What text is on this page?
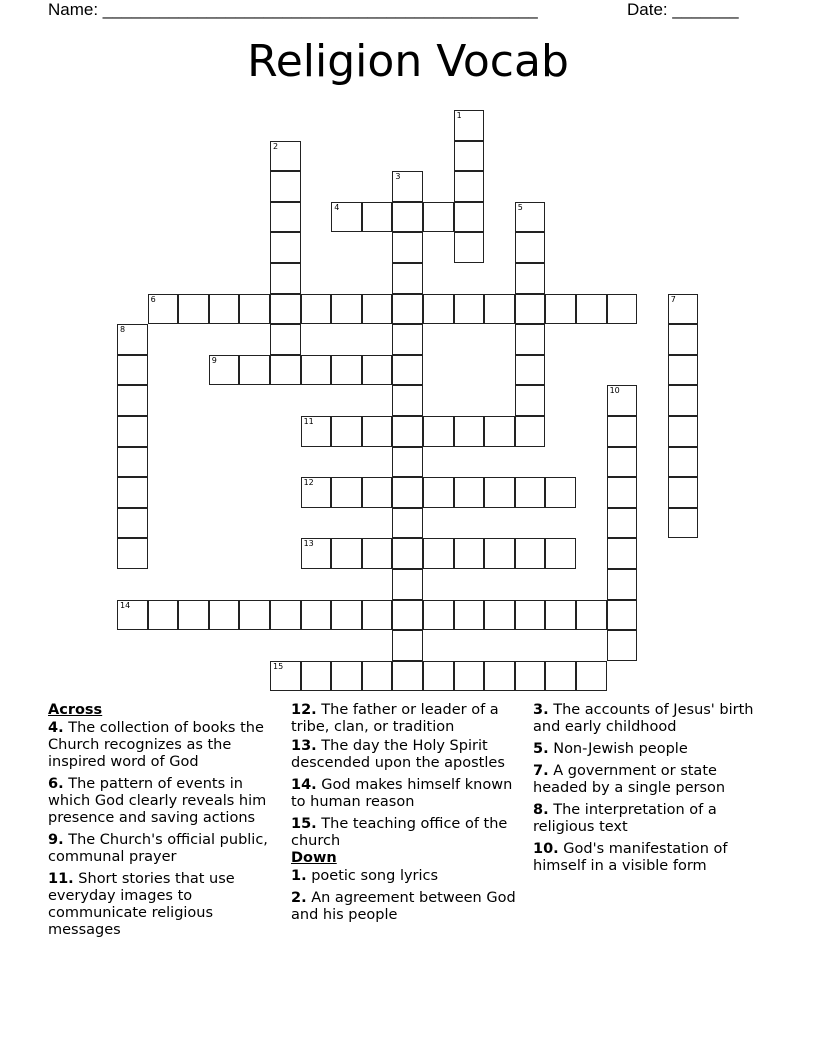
Name: ______________________________________________	Date: _______
Religion Vocab
1
2
3
4	5
6	7
8
9
10
11
12
13
14
15
Across
4. The collection of books the Church recognizes as the inspired word of God
6. The pattern of events in which God clearly reveals him presence and saving actions
9. The Church's official public, communal prayer
11. Short stories that use everyday images to communicate religious messages
12. The father or leader of a tribe, clan, or tradition
13. The day the Holy Spirit descended upon the apostles
14. God makes himself known to human reason
15. The teaching office of the church
Down
1. poetic song lyrics
2. An agreement between God and his people
3. The accounts of Jesus' birth and early childhood
5. Non-Jewish people
7. A government or state headed by a single person
8. The interpretation of a religious text
10. God's manifestation of himself in a visible form
